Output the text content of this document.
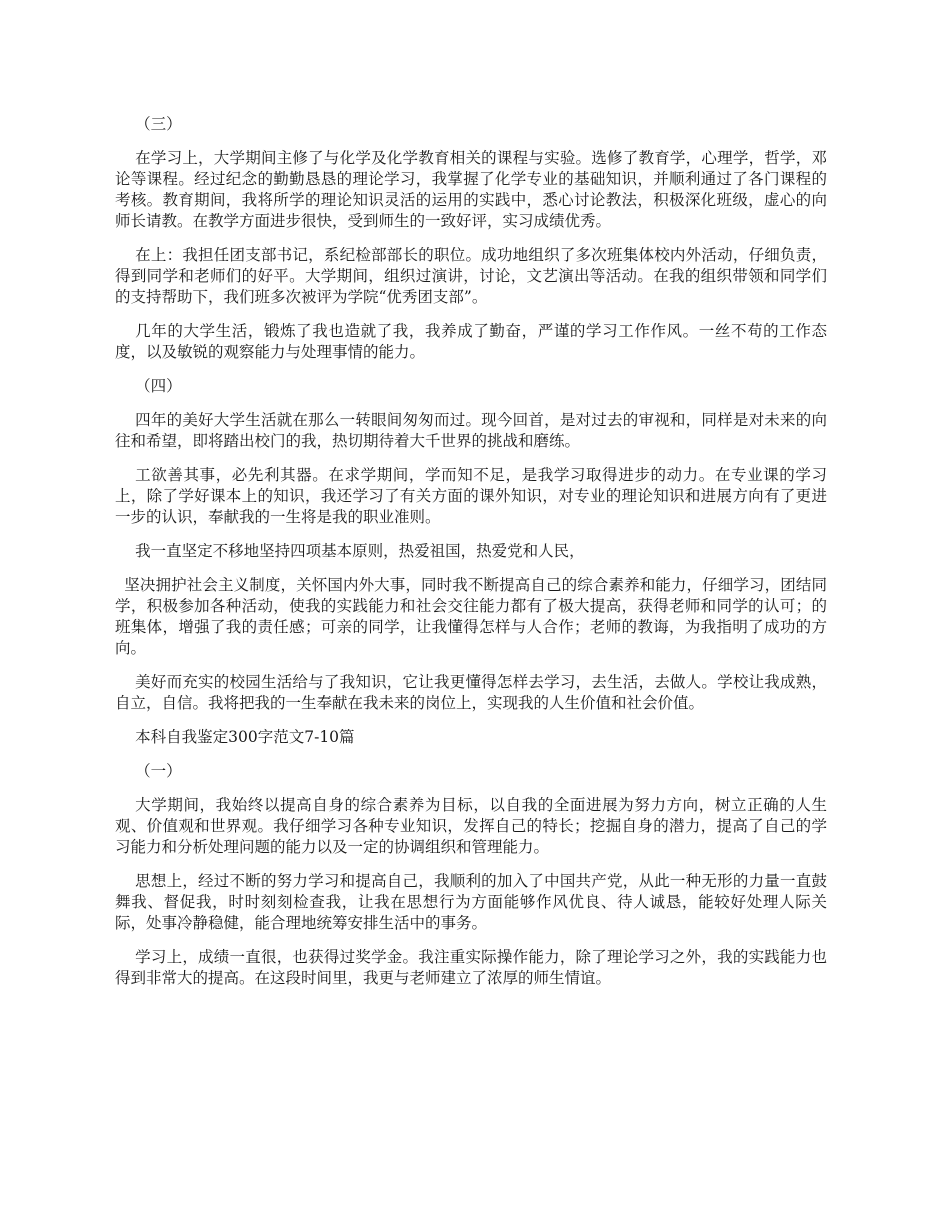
（三）

在学习上，大学期间主修了与化学及化学教育相关的课程与实验。选修了教育学，心理学，哲学，邓论等课程。经过纪念的勤勤恳恳的理论学习，我掌握了化学专业的基础知识，并顺利通过了各门课程的考核。教育期间，我将所学的理论知识灵活的运用的实践中，悉心讨论教法，积极深化班级，虚心的向师长请教。在教学方面进步很快，受到师生的一致好评，实习成绩优秀。

在上：我担任团支部书记，系纪检部部长的职位。成功地组织了多次班集体校内外活动，仔细负责，得到同学和老师们的好平。大学期间，组织过演讲，讨论，文艺演出等活动。在我的组织带领和同学们的支持帮助下，我们班多次被评为学院“优秀团支部”。

几年的大学生活，锻炼了我也造就了我，我养成了勤奋，严谨的学习工作作风。一丝不苟的工作态度，以及敏锐的观察能力与处理事情的能力。

（四）

四年的美好大学生活就在那么一转眼间匆匆而过。现今回首，是对过去的审视和，同样是对未来的向往和希望，即将踏出校门的我，热切期待着大千世界的挑战和磨练。

工欲善其事，必先利其器。在求学期间，学而知不足，是我学习取得进步的动力。在专业课的学习上，除了学好课本上的知识，我还学习了有关方面的课外知识，对专业的理论知识和进展方向有了更进一步的认识，奉献我的一生将是我的职业准则。

我一直坚定不移地坚持四项基本原则，热爱祖国，热爱党和人民，

坚决拥护社会主义制度，关怀国内外大事，同时我不断提高自己的综合素养和能力，仔细学习，团结同学，积极参加各种活动，使我的实践能力和社会交往能力都有了极大提高，获得老师和同学的认可；的班集体，增强了我的责任感；可亲的同学，让我懂得怎样与人合作；老师的教诲，为我指明了成功的方向。

美好而充实的校园生活给与了我知识，它让我更懂得怎样去学习，去生活，去做人。学校让我成熟，自立，自信。我将把我的一生奉献在我未来的岗位上，实现我的人生价值和社会价值。

本科自我鉴定300字范文7-10篇

（一）

大学期间，我始终以提高自身的综合素养为目标，以自我的全面进展为努力方向，树立正确的人生观、价值观和世界观。我仔细学习各种专业知识，发挥自己的特长；挖掘自身的潜力，提高了自己的学习能力和分析处理问题的能力以及一定的协调组织和管理能力。

思想上，经过不断的努力学习和提高自己，我顺利的加入了中国共产党，从此一种无形的力量一直鼓舞我、督促我，时时刻刻检查我，让我在思想行为方面能够作风优良、待人诚恳，能较好处理人际关际，处事冷静稳健，能合理地统筹安排生活中的事务。

学习上，成绩一直很，也获得过奖学金。我注重实际操作能力，除了理论学习之外，我的实践能力也得到非常大的提高。在这段时间里，我更与老师建立了浓厚的师生情谊。
